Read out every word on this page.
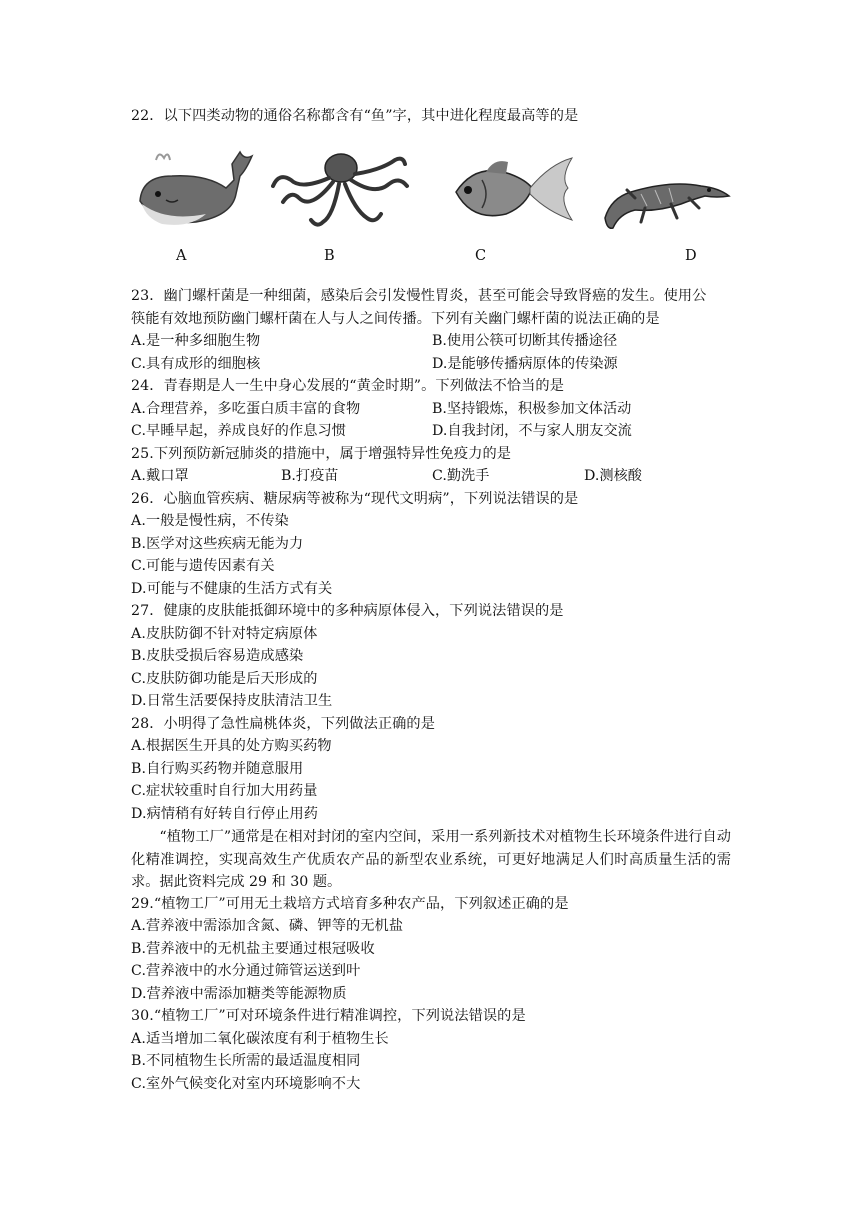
22．以下四类动物的通俗名称都含有“鱼”字，其中进化程度最高等的是
A	B	C	D
23．幽门螺杆菌是一种细菌，感染后会引发慢性胃炎，甚至可能会导致肾癌的发生。使用公
筷能有效地预防幽门螺杆菌在人与人之间传播。下列有关幽门螺杆菌的说法正确的是
A.是一种多细胞生物	B.使用公筷可切断其传播途径
C.具有成形的细胞核	D.是能够传播病原体的传染源
24．青春期是人一生中身心发展的“黄金时期”。下列做法不恰当的是
A.合理营养，多吃蛋白质丰富的食物	B.坚持锻炼，积极参加文体活动
C.早睡早起，养成良好的作息习惯	D.自我封闭，不与家人朋友交流
25.下列预防新冠肺炎的措施中，属于增强特异性免疫力的是
A.戴口罩	B.打疫苗	C.勤洗手	D.测核酸
26．心脑血管疾病、糖尿病等被称为“现代文明病”，下列说法错误的是
A.一般是慢性病，不传染
B.医学对这些疾病无能为力
C.可能与遗传因素有关
D.可能与不健康的生活方式有关
27．健康的皮肤能抵御环境中的多种病原体侵入，下列说法错误的是
A.皮肤防御不针对特定病原体
B.皮肤受损后容易造成感染
C.皮肤防御功能是后天形成的
D.日常生活要保持皮肤清洁卫生
28．小明得了急性扁桃体炎，下列做法正确的是
A.根据医生开具的处方购买药物
B.自行购买药物并随意服用
C.症状较重时自行加大用药量
D.病情稍有好转自行停止用药
“植物工厂”通常是在相对封闭的室内空间，采用一系列新技术对植物生长环境条件进行自动化精准调控，实现高效生产优质农产品的新型农业系统，可更好地满足人们时高质量生活的需求。据此资料完成 29 和 30 题。
29.“植物工厂”可用无土栽培方式培育多种农产品，下列叙述正确的是
A.营养液中需添加含氮、磷、钾等的无机盐
B.营养液中的无机盐主要通过根冠吸收
C.营养液中的水分通过筛管运送到叶
D.营养液中需添加糖类等能源物质
30.“植物工厂”可对环境条件进行精准调控，下列说法错误的是
A.适当增加二氧化碳浓度有利于植物生长
B.不同植物生长所需的最适温度相同
C.室外气候变化对室内环境影响不大
